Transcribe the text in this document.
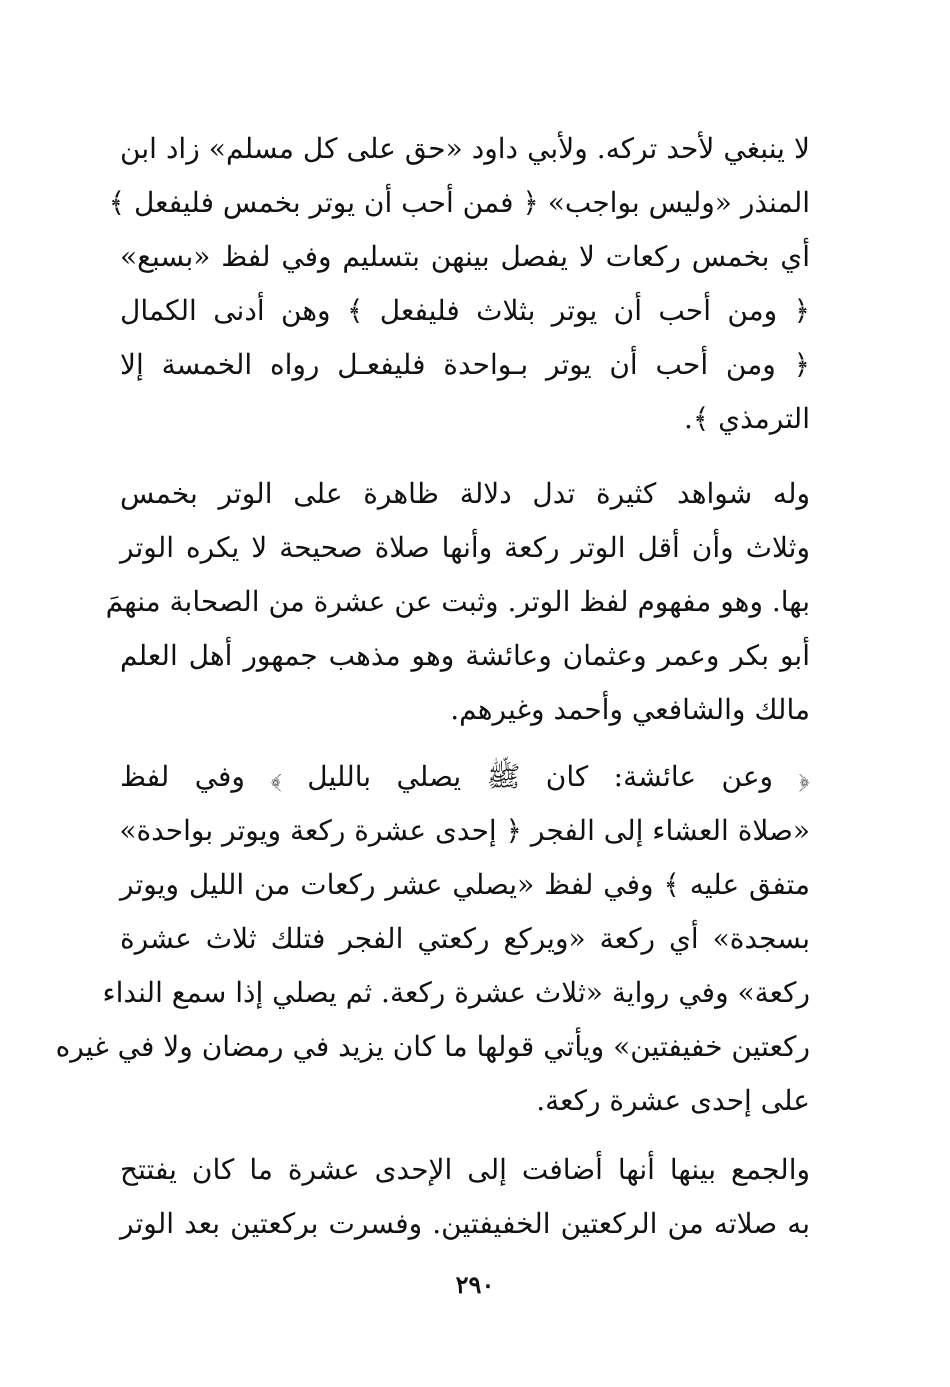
لا ينبغي لأحد تركه. ولأبي داود «حق على كل مسلم» زاد ابن
المنذر «وليس بواجب» ﴿ فمن أحب أن يوتر بخمس فليفعل ﴾
أي بخمس ركعات لا يفصل بينهن بتسليم وفي لفظ «بسبع»
﴿ ومن أحب أن يوتر بثلاث فليفعل ﴾ وهن أدنى الكمال
﴿ ومن أحب أن يوتر بـواحدة فليفعـل رواه الخمسة إلا
الترمذي ﴾.
وله شواهد كثيرة تدل دلالة ظاهرة على الوتر بخمس
وثلاث وأن أقل الوتر ركعة وأنها صلاة صحيحة لا يكره الوتر
بها. وهو مفهوم لفظ الوتر. وثبت عن عشرة من الصحابة منهمَ
أبو بكر وعمر وعثمان وعائشة وهو مذهب جمهور أهل العلم
مالك والشافعي وأحمد وغيرهم.
﴿ وعن عائشة: كان ﷺ يصلي بالليل ﴾ وفي لفظ
«صلاة العشاء إلى الفجر ﴿ إحدى عشرة ركعة ويوتر بواحدة»
متفق عليه ﴾ وفي لفظ «يصلي عشر ركعات من الليل ويوتر
بسجدة» أي ركعة «ويركع ركعتي الفجر فتلك ثلاث عشرة
ركعة» وفي رواية «ثلاث عشرة ركعة. ثم يصلي إذا سمع النداء
ركعتين خفيفتين» ويأتي قولها ما كان يزيد في رمضان ولا في غيره
على إحدى عشرة ركعة.
والجمع بينها أنها أضافت إلى الإحدى عشرة ما كان يفتتح
به صلاته من الركعتين الخفيفتين. وفسرت بركعتين بعد الوتر
٢٩٠
